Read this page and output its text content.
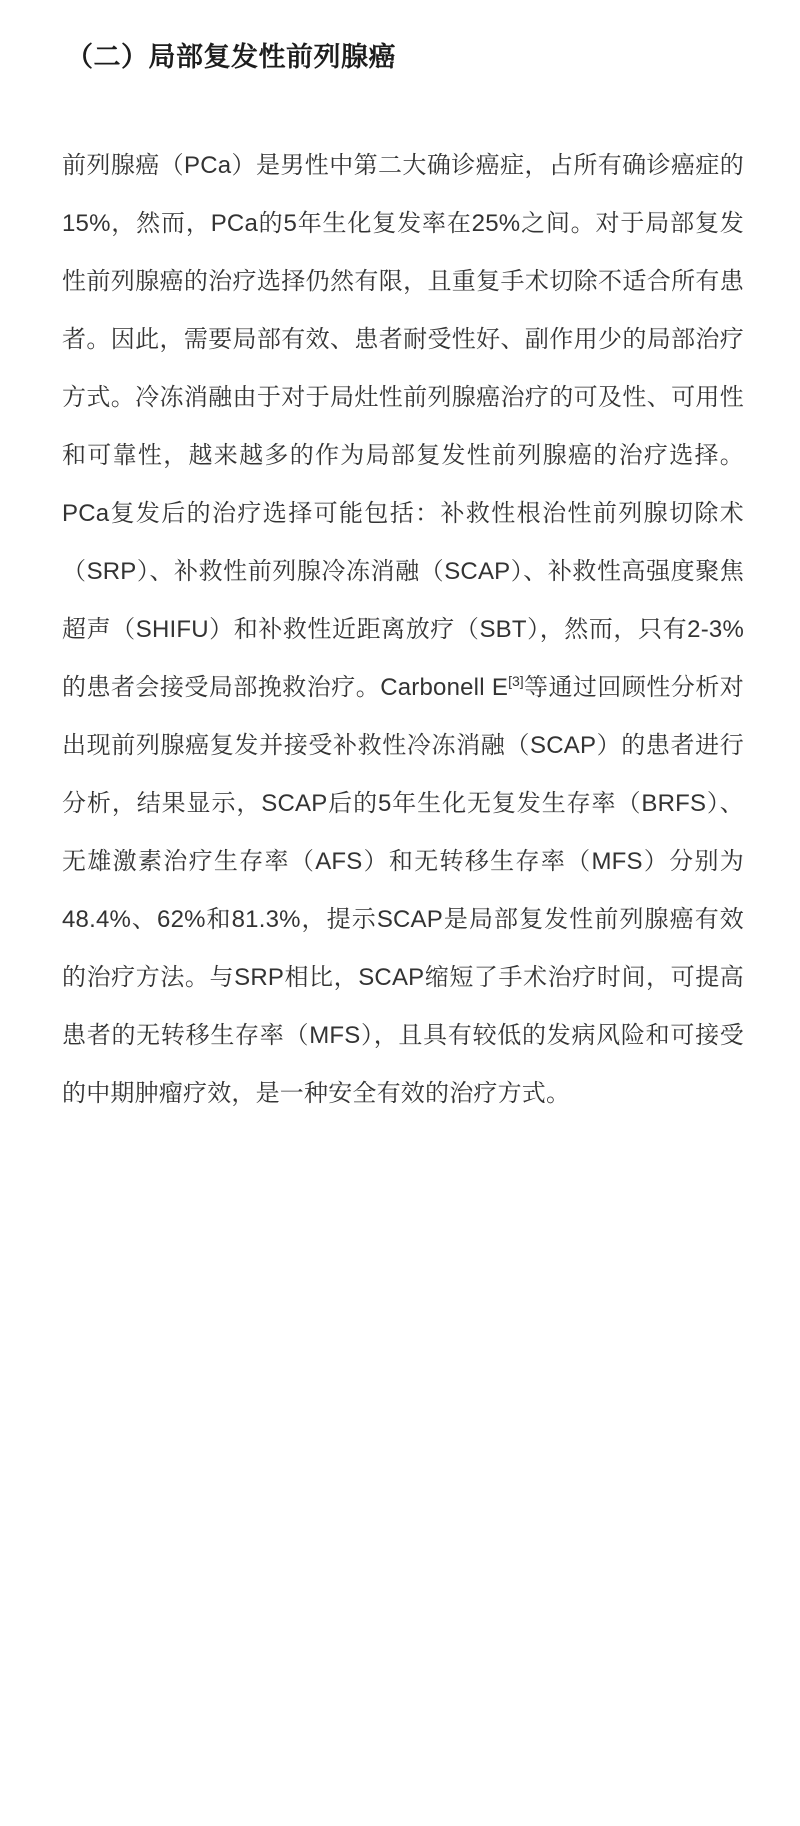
（二）局部复发性前列腺癌

前列腺癌（PCa）是男性中第二大确诊癌症，占所有确诊癌症的15%，然而，PCa的5年生化复发率在25%之间。对于局部复发性前列腺癌的治疗选择仍然有限，且重复手术切除不适合所有患者。因此，需要局部有效、患者耐受性好、副作用少的局部治疗方式。冷冻消融由于对于局灶性前列腺癌治疗的可及性、可用性和可靠性，越来越多的作为局部复发性前列腺癌的治疗选择。PCa复发后的治疗选择可能包括：补救性根治性前列腺切除术（SRP）、补救性前列腺冷冻消融（SCAP）、补救性高强度聚焦超声（SHIFU）和补救性近距离放疗（SBT），然而，只有2-3%的患者会接受局部挽救治疗。Carbonell E[3]等通过回顾性分析对出现前列腺癌复发并接受补救性冷冻消融（SCAP）的患者进行分析，结果显示，SCAP后的5年生化无复发生存率（BRFS）、无雄激素治疗生存率（AFS）和无转移生存率（MFS）分别为48.4%、62%和81.3%，提示SCAP是局部复发性前列腺癌有效的治疗方法。与SRP相比，SCAP缩短了手术治疗时间，可提高患者的无转移生存率（MFS），且具有较低的发病风险和可接受的中期肿瘤疗效，是一种安全有效的治疗方式。
